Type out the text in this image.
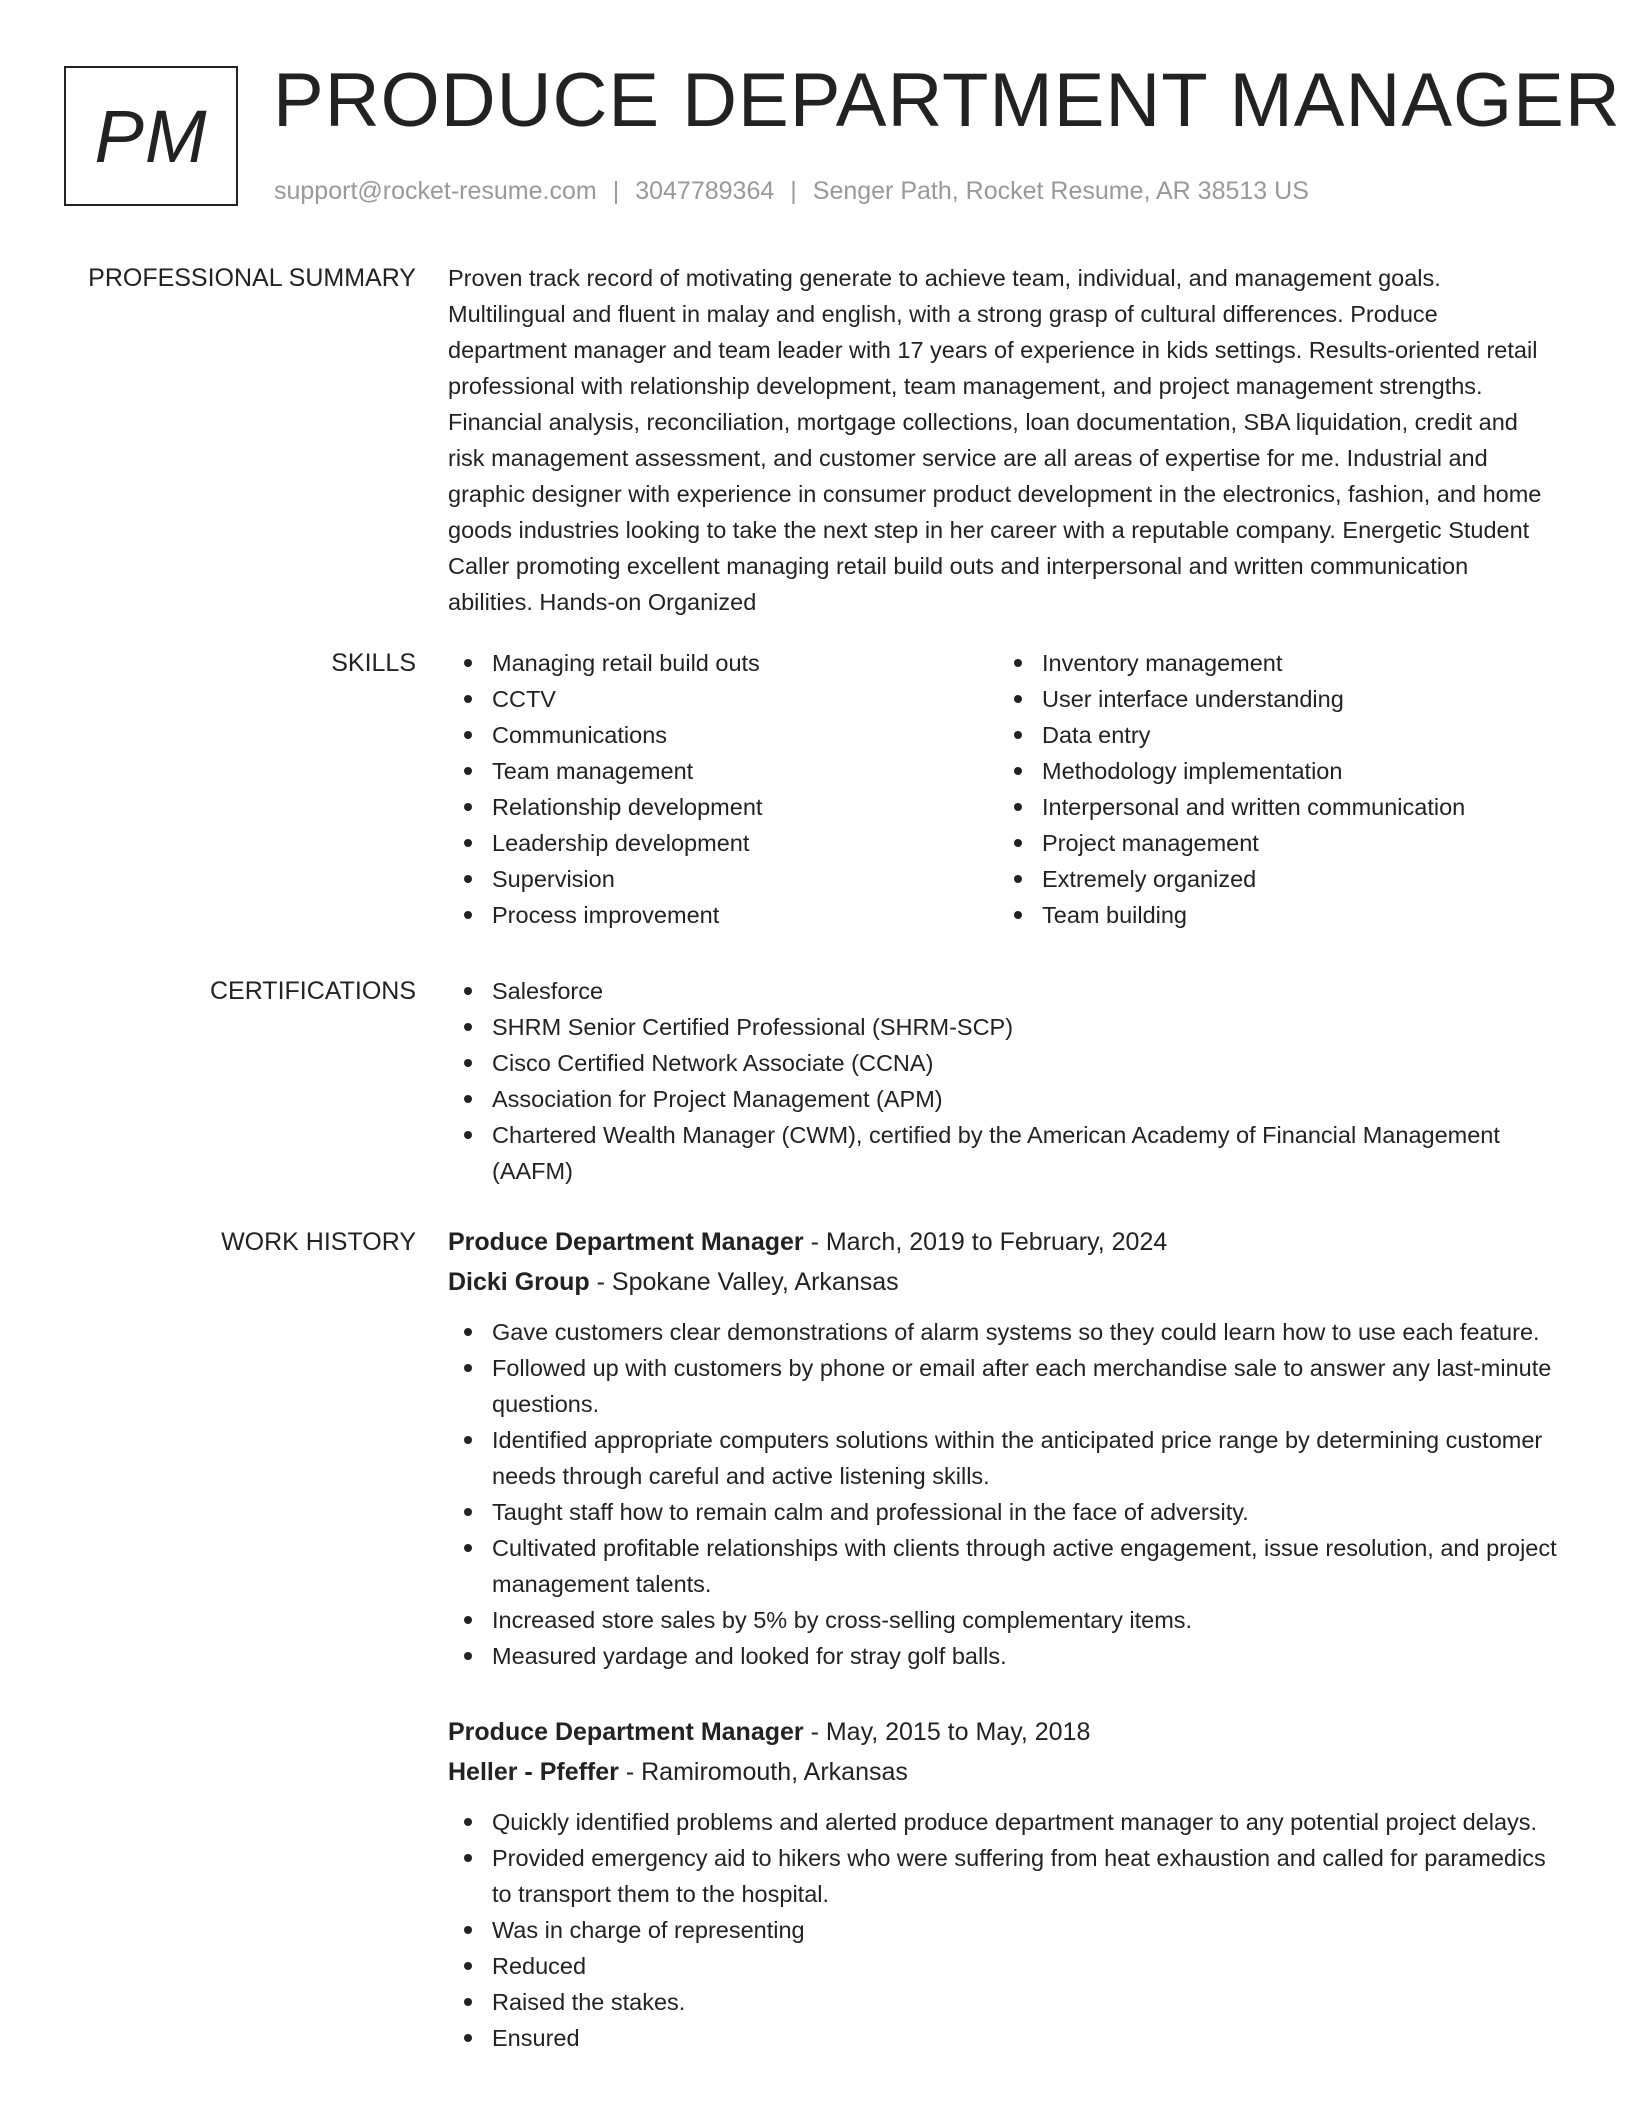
PM PRODUCE DEPARTMENT MANAGER
support@rocket-resume.com | 3047789364 | Senger Path, Rocket Resume, AR 38513 US
PROFESSIONAL SUMMARY Proven track record of motivating generate to achieve team, individual, and management goals. Multilingual and fluent in malay and english, with a strong grasp of cultural differences. Produce department manager and team leader with 17 years of experience in kids settings. Results-oriented retail professional with relationship development, team management, and project management strengths. Financial analysis, reconciliation, mortgage collections, loan documentation, SBA liquidation, credit and risk management assessment, and customer service are all areas of expertise for me. Industrial and graphic designer with experience in consumer product development in the electronics, fashion, and home goods industries looking to take the next step in her career with a reputable company. Energetic Student Caller promoting excellent managing retail build outs and interpersonal and written communication abilities. Hands-on Organized

SKILLS	Managing retail build outs
CCTV
Communications
Team management
Relationship development
Leadership development
Supervision
Process improvement
Inventory management
User interface understanding
Data entry
Methodology implementation
Interpersonal and written communication
Project management
Extremely organized
Team building
CERTIFICATIONS	Salesforce
SHRM Senior Certified Professional (SHRM-SCP)
Cisco Certified Network Associate (CCNA)
Association for Project Management (APM)
Chartered Wealth Manager (CWM), certified by the American Academy of Financial Management (AAFM)
WORK HISTORY Produce Department Manager - March, 2019 to February, 2024
Dicki Group - Spokane Valley, Arkansas
Gave customers clear demonstrations of alarm systems so they could learn how to use each feature.
Followed up with customers by phone or email after each merchandise sale to answer any last-minute questions.
Identified appropriate computers solutions within the anticipated price range by determining customer needs through careful and active listening skills.
Taught staff how to remain calm and professional in the face of adversity.
Cultivated profitable relationships with clients through active engagement, issue resolution, and project management talents.
Increased store sales by 5% by cross-selling complementary items.
Measured yardage and looked for stray golf balls.
Produce Department Manager - May, 2015 to May, 2018
Heller - Pfeffer - Ramiromouth, Arkansas
Quickly identified problems and alerted produce department manager to any potential project delays.
Provided emergency aid to hikers who were suffering from heat exhaustion and called for paramedics to transport them to the hospital.
Was in charge of representing
Reduced
Raised the stakes.
Ensured
